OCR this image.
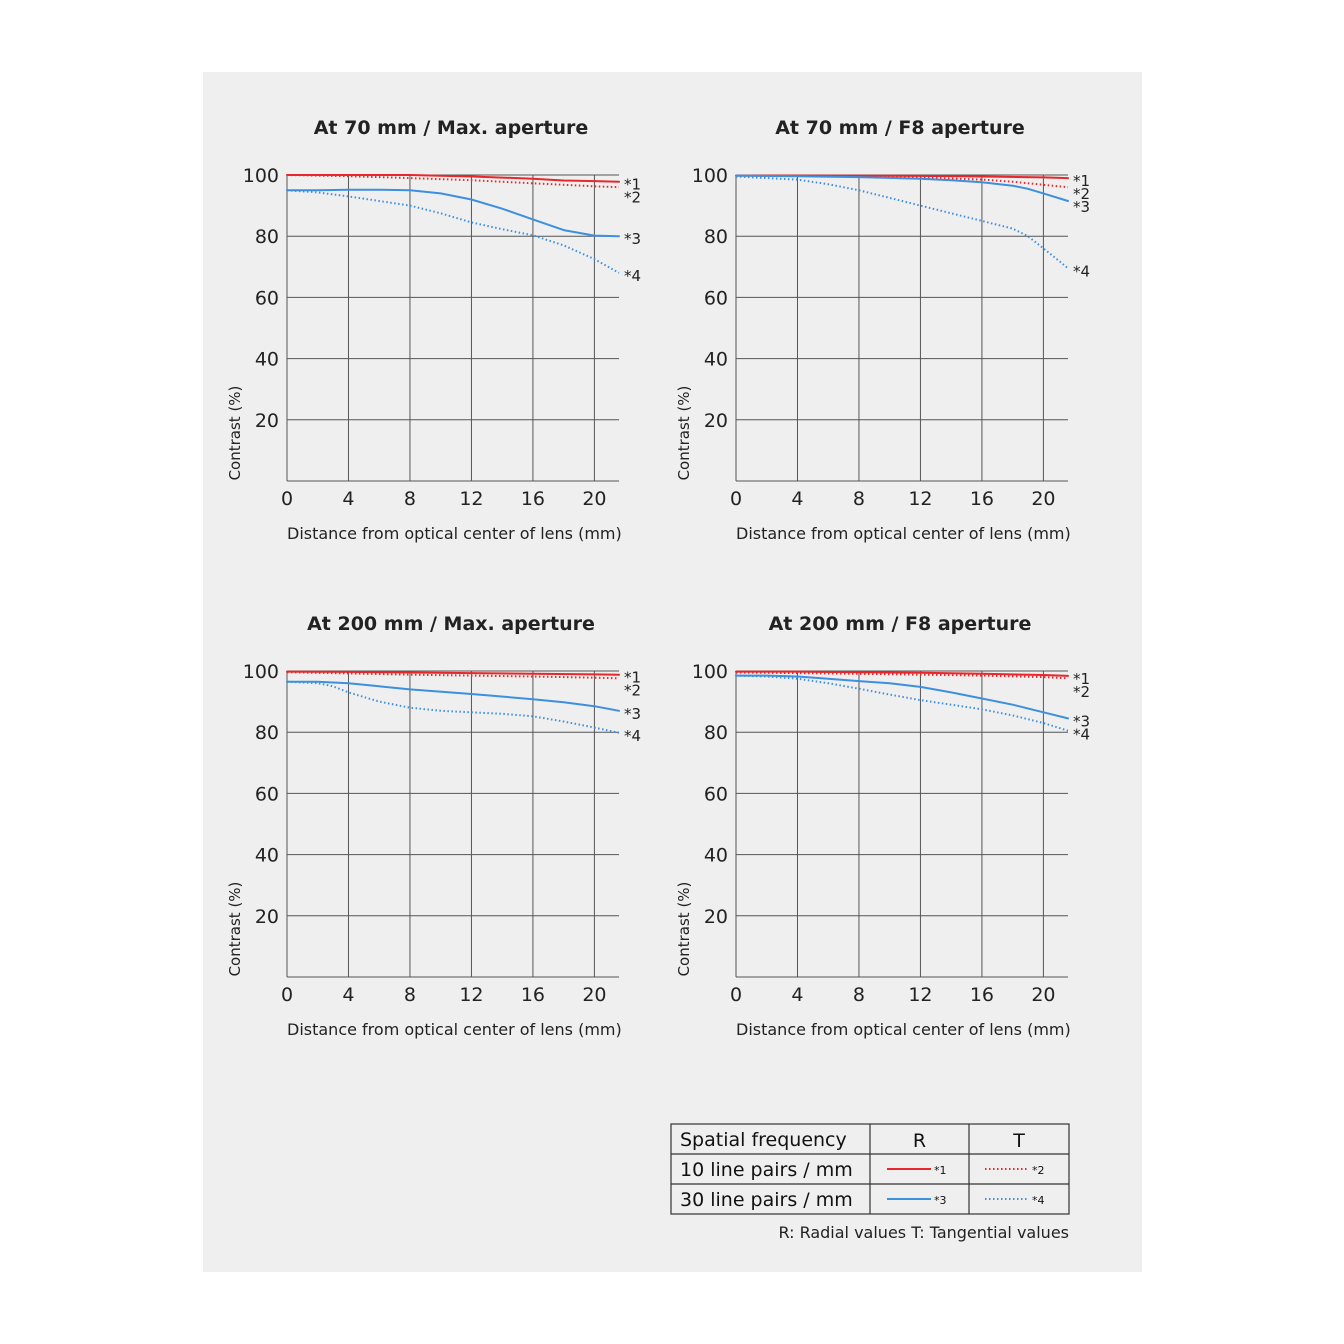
At 70 mm / Max. aperture
20
40
60
80
100
0	4	8 12 16 20
Distance from optical center of lens (mm)
Contrast (%)
*1
*2
*3
*4
At 70 mm / F8 aperture
20
40
60
80
100
0	4	8 12 16 20
Distance from optical center of lens (mm)
Contrast (%)
*1
*2
*3
*4
At 200 mm / Max. aperture
20
40
60
80
100
0	4	8 12 16 20
Distance from optical center of lens (mm)
Contrast (%)
*1
*2
*3
*4
At 200 mm / F8 aperture
20
40
60
80
100
0	4	8 12 16 20
Distance from optical center of lens (mm)
Contrast (%)
*1
*2
*3
*4
Spatial frequency	R	T
10 line pairs / mm	*1	*2
30 line pairs / mm	*3	*4
R: Radial values T: Tangential values
